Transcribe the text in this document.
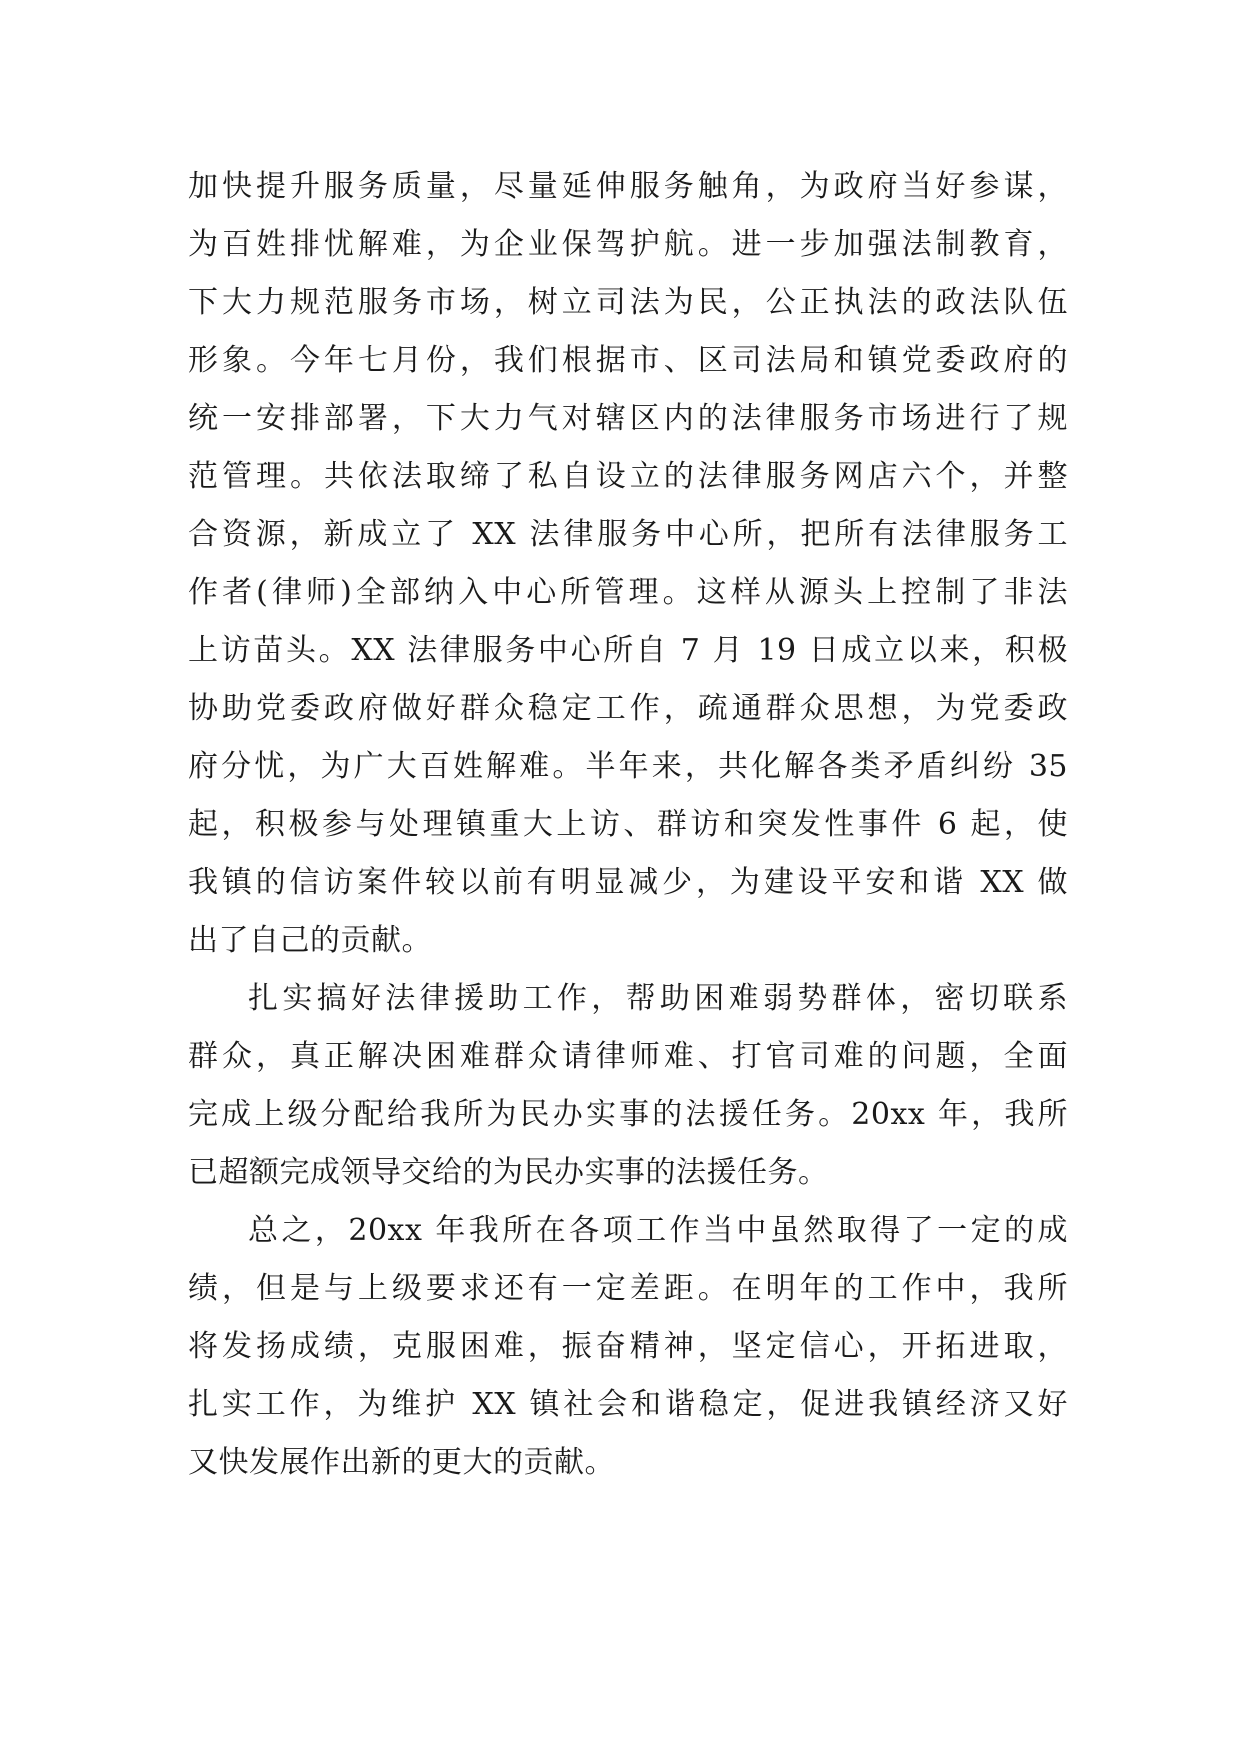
加快提升服务质量，尽量延伸服务触角，为政府当好参谋，
为百姓排忧解难，为企业保驾护航。进一步加强法制教育，
下大力规范服务市场，树立司法为民，公正执法的政法队伍
形象。今年七月份，我们根据市、区司法局和镇党委政府的
统一安排部署，下大力气对辖区内的法律服务市场进行了规
范管理。共依法取缔了私自设立的法律服务网店六个，并整
合资源，新成立了 XX 法律服务中心所，把所有法律服务工
作者(律师)全部纳入中心所管理。这样从源头上控制了非法
上访苗头。XX 法律服务中心所自 7 月 19 日成立以来，积极
协助党委政府做好群众稳定工作，疏通群众思想，为党委政
府分忧，为广大百姓解难。半年来，共化解各类矛盾纠纷 35
起，积极参与处理镇重大上访、群访和突发性事件 6 起，使
我镇的信访案件较以前有明显减少，为建设平安和谐 XX 做
出了自己的贡献。
扎实搞好法律援助工作，帮助困难弱势群体，密切联系
群众，真正解决困难群众请律师难、打官司难的问题，全面
完成上级分配给我所为民办实事的法援任务。20xx 年，我所
已超额完成领导交给的为民办实事的法援任务。
总之，20xx 年我所在各项工作当中虽然取得了一定的成
绩，但是与上级要求还有一定差距。在明年的工作中，我所
将发扬成绩，克服困难，振奋精神，坚定信心，开拓进取，
扎实工作，为维护 XX 镇社会和谐稳定，促进我镇经济又好
又快发展作出新的更大的贡献。
